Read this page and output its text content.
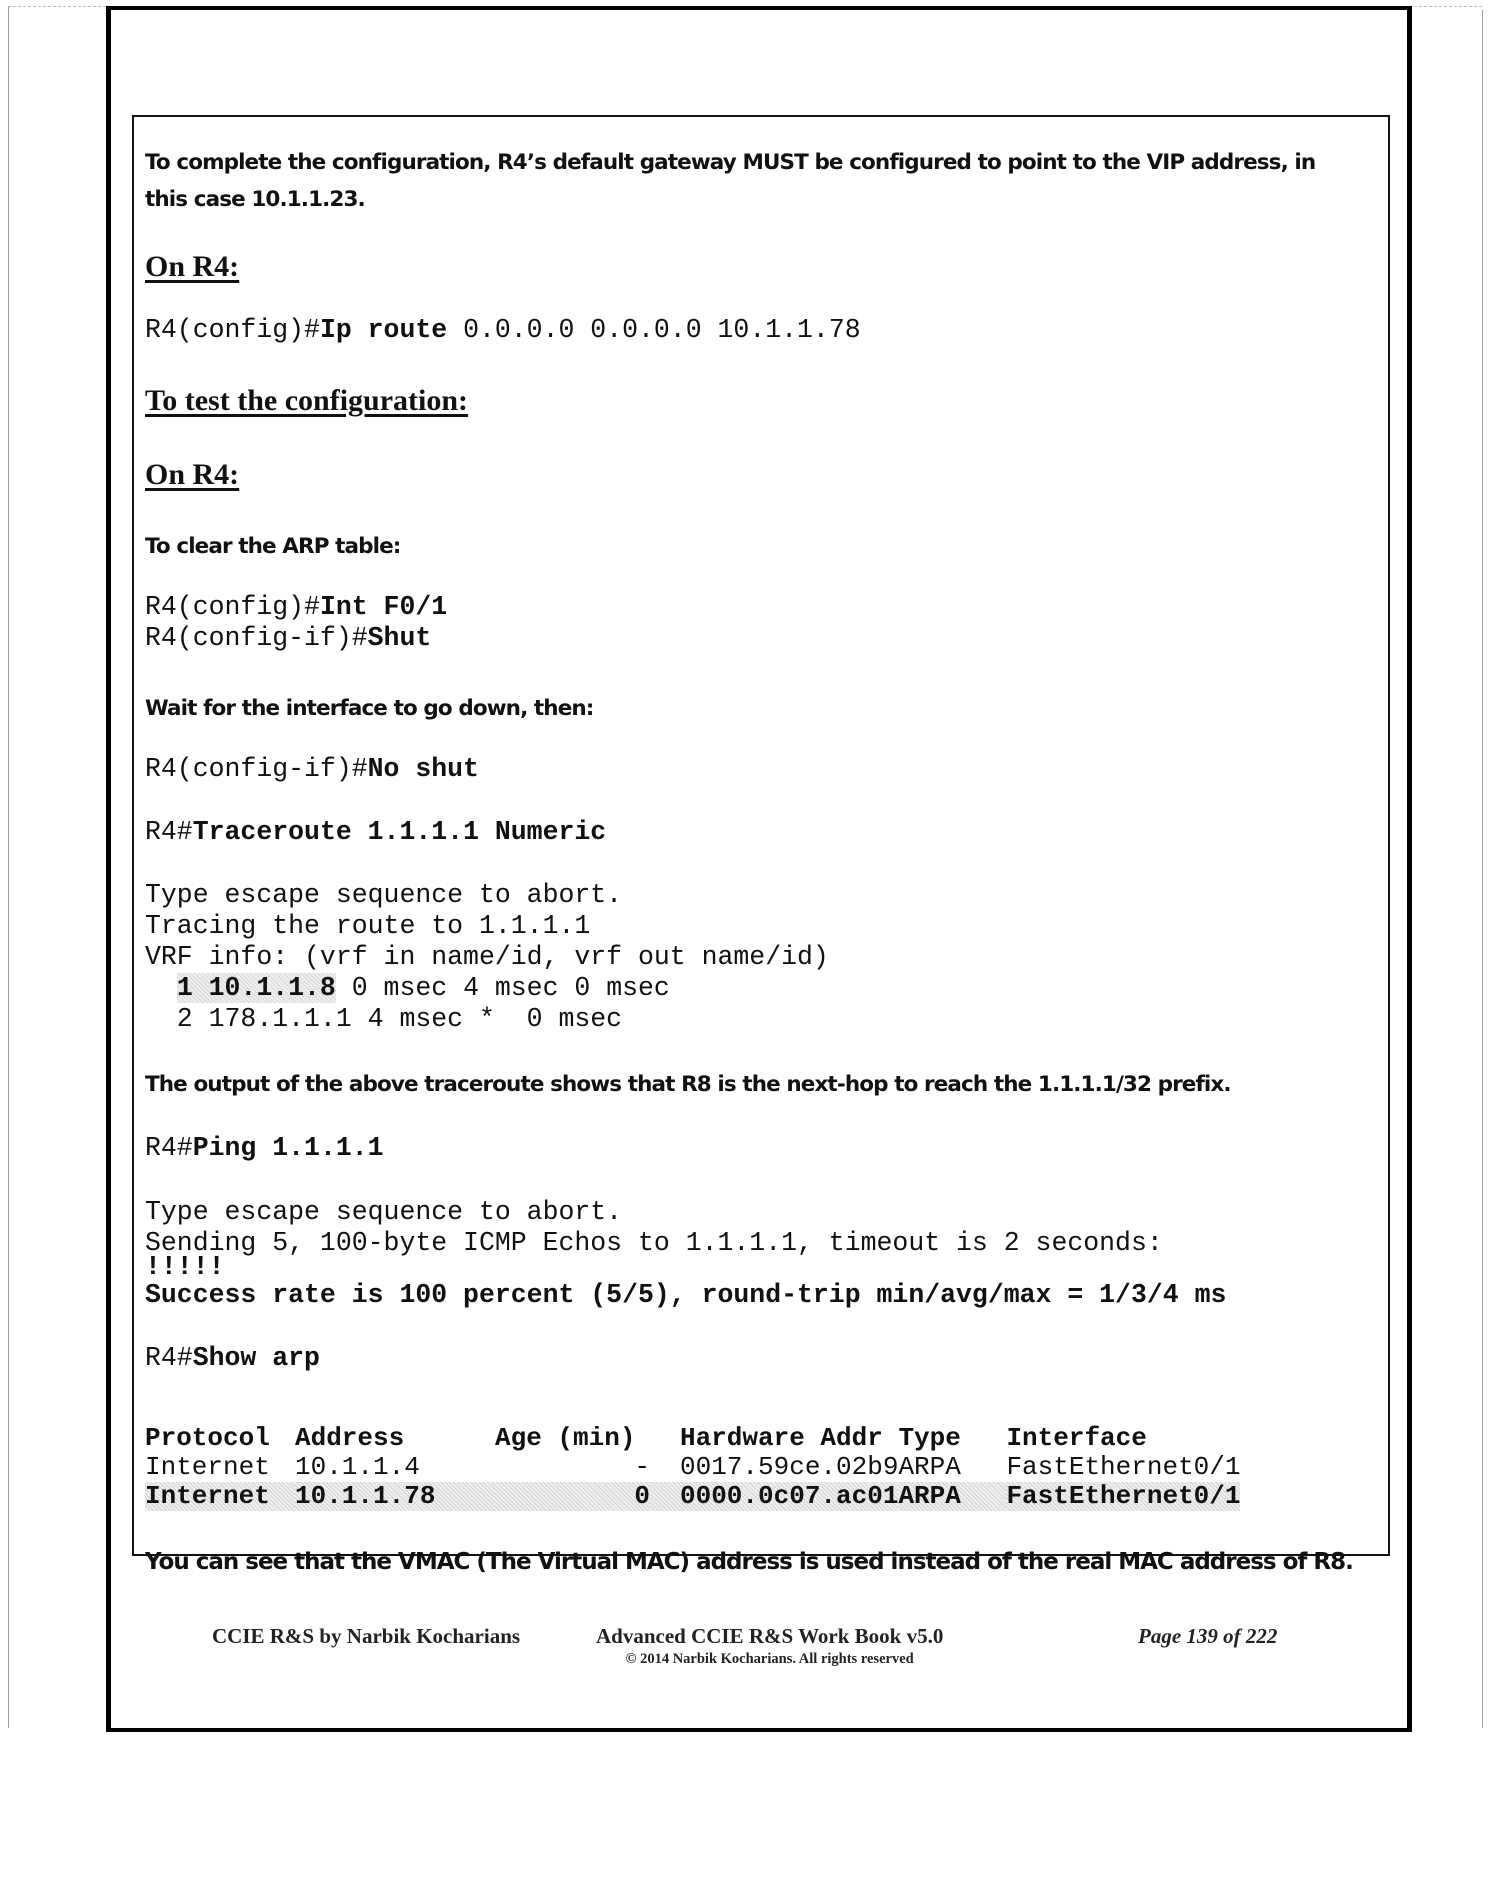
To complete the configuration, R4’s default gateway MUST be configured to point to the VIP address, in this case 10.1.1.23.

On R4:
R4(config)#Ip route 0.0.0.0 0.0.0.0 10.1.1.78
To test the configuration:
On R4:

To clear the ARP table:

R4(config)#Int F0/1
R4(config-if)#Shut

Wait for the interface to go down, then:

R4(config-if)#No shut
R4#Traceroute 1.1.1.1 Numeric
Type escape sequence to abort.
Tracing the route to 1.1.1.1
VRF info: (vrf in name/id, vrf out name/id)
1 10.1.1.8 0 msec 4 msec 0 msec
2 178.1.1.1 4 msec *  0 msec

The output of the above traceroute shows that R8 is the next-hop to reach the 1.1.1.1/32 prefix.

R4#Ping 1.1.1.1
Type escape sequence to abort.
Sending 5, 100-byte ICMP Echos to 1.1.1.1, timeout is 2 seconds:
!!!!!
Success rate is 100 percent (5/5), round-trip min/avg/max = 1/3/4 ms
R4#Show arp
Protocol	Address	Age (min)	Hardware Addr	Type	Interface
Internet	10.1.1.4	-	0017.59ce.02b9	ARPA	FastEthernet0/1
Internet	10.1.1.78	0	0000.0c07.ac01	ARPA	FastEthernet0/1

You can see that the VMAC (The Virtual MAC) address is used instead of the real MAC address of R8.

CCIE R&S by Narbik Kocharians	Advanced CCIE R&S Work Book v5.0
© 2014 Narbik Kocharians. All rights reserved
Page 139 of 222
